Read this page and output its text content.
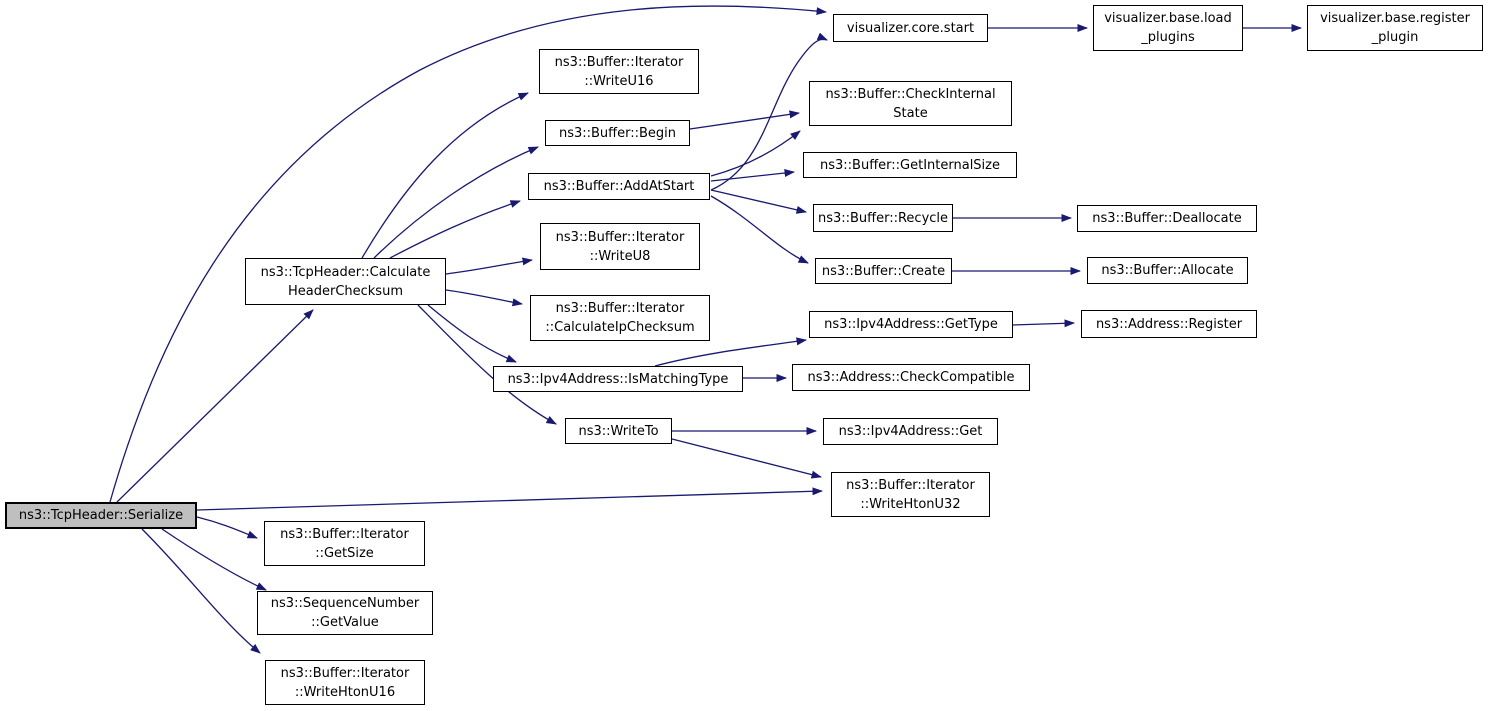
ns3::TcpHeader::Serialize
ns3::TcpHeader::Calculate
HeaderChecksum
ns3::Buffer::Iterator
::WriteU16
ns3::Buffer::Begin
ns3::Buffer::AddAtStart
ns3::Buffer::Iterator
::WriteU8
ns3::Buffer::Iterator
::CalculateIpChecksum
ns3::Ipv4Address::IsMatchingType
ns3::WriteTo
visualizer.core.start
visualizer.base.load
_plugins
visualizer.base.register
_plugin
ns3::Buffer::CheckInternal
State
ns3::Buffer::GetInternalSize
ns3::Buffer::Recycle	ns3::Buffer::Deallocate
ns3::Buffer::Create	ns3::Buffer::Allocate
ns3::Ipv4Address::GetType	ns3::Address::Register
ns3::Address::CheckCompatible
ns3::Ipv4Address::Get
ns3::Buffer::Iterator
::WriteHtonU32
ns3::Buffer::Iterator
::GetSize
ns3::SequenceNumber
::GetValue
ns3::Buffer::Iterator
::WriteHtonU16
